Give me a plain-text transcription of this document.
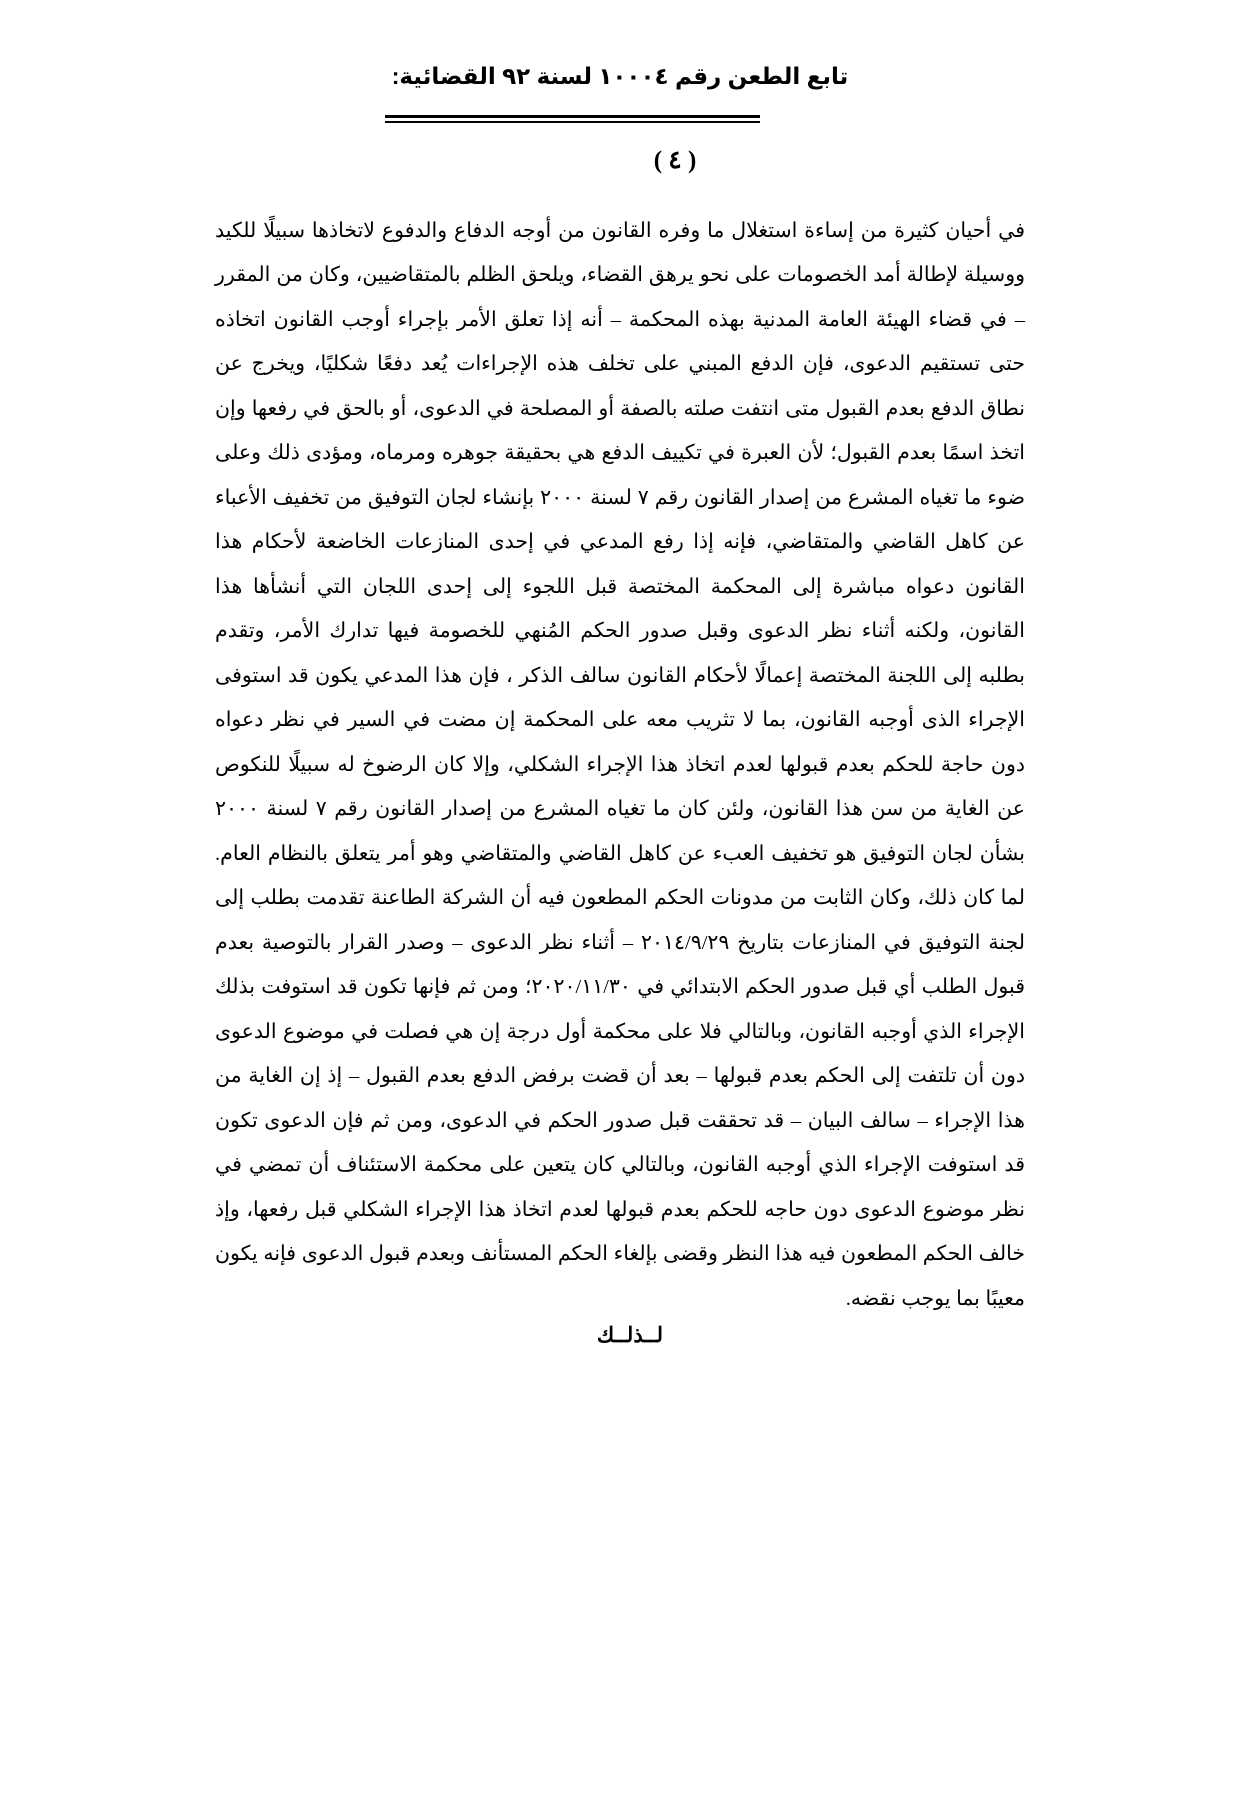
تابع الطعن رقم ١٠٠٠٤ لسنة ٩٢ القضائية:
( ٤ )

في أحيان كثيرة من إساءة استغلال ما وفره القانون من أوجه الدفاع والدفوع لاتخاذها سبيلًا للكيد ووسيلة لإطالة أمد الخصومات على نحو يرهق القضاء، ويلحق الظلم بالمتقاضيين، وكان من المقرر – في قضاء الهيئة العامة المدنية بهذه المحكمة – أنه إذا تعلق الأمر بإجراء أوجب القانون اتخاذه حتى تستقيم الدعوى، فإن الدفع المبني على تخلف هذه الإجراءات يُعد دفعًا شكليًا، ويخرج عن نطاق الدفع بعدم القبول متى انتفت صلته بالصفة أو المصلحة في الدعوى، أو بالحق في رفعها وإن اتخذ اسمًا بعدم القبول؛ لأن العبرة في تكييف الدفع هي بحقيقة جوهره ومرماه، ومؤدى ذلك وعلى ضوء ما تغياه المشرع من إصدار القانون رقم ٧ لسنة ٢٠٠٠ بإنشاء لجان التوفيق من تخفيف الأعباء عن كاهل القاضي والمتقاضي، فإنه إذا رفع المدعي في إحدى المنازعات الخاضعة لأحكام هذا القانون دعواه مباشرة إلى المحكمة المختصة قبل اللجوء إلى إحدى اللجان التي أنشأها هذا القانون، ولكنه أثناء نظر الدعوى وقبل صدور الحكم المُنهي للخصومة فيها تدارك الأمر، وتقدم بطلبه إلى اللجنة المختصة إعمالًا لأحكام القانون سالف الذكر ، فإن هذا المدعي يكون قد استوفى الإجراء الذى أوجبه القانون، بما لا تثريب معه على المحكمة إن مضت في السير في نظر دعواه دون حاجة للحكم بعدم قبولها لعدم اتخاذ هذا الإجراء الشكلي، وإلا كان الرضوخ له سبيلًا للنكوص عن الغاية من سن هذا القانون، ولئن كان ما تغياه المشرع من إصدار القانون رقم ٧ لسنة ٢٠٠٠ بشأن لجان التوفيق هو تخفيف العبء عن كاهل القاضي والمتقاضي وهو أمر يتعلق بالنظام العام. لما كان ذلك، وكان الثابت من مدونات الحكم المطعون فيه أن الشركة الطاعنة تقدمت بطلب إلى لجنة التوفيق في المنازعات بتاريخ ٢٠١٤/٩/٢٩ – أثناء نظر الدعوى – وصدر القرار بالتوصية بعدم قبول الطلب أي قبل صدور الحكم الابتدائي في ٢٠٢٠/١١/٣٠؛ ومن ثم فإنها تكون قد استوفت بذلك الإجراء الذي أوجبه القانون، وبالتالي فلا على محكمة أول درجة إن هي فصلت في موضوع الدعوى دون أن تلتفت إلى الحكم بعدم قبولها – بعد أن قضت برفض الدفع بعدم القبول – إذ إن الغاية من هذا الإجراء – سالف البيان – قد تحققت قبل صدور الحكم في الدعوى، ومن ثم فإن الدعوى تكون قد استوفت الإجراء الذي أوجبه القانون، وبالتالي كان يتعين على محكمة الاستئناف أن تمضي في نظر موضوع الدعوى دون حاجه للحكم بعدم قبولها لعدم اتخاذ هذا الإجراء الشكلي قبل رفعها، وإذ خالف الحكم المطعون فيه هذا النظر وقضى بإلغاء الحكم المستأنف وبعدم قبول الدعوى فإنه يكون معيبًا بما يوجب نقضه.

لــذلــك
